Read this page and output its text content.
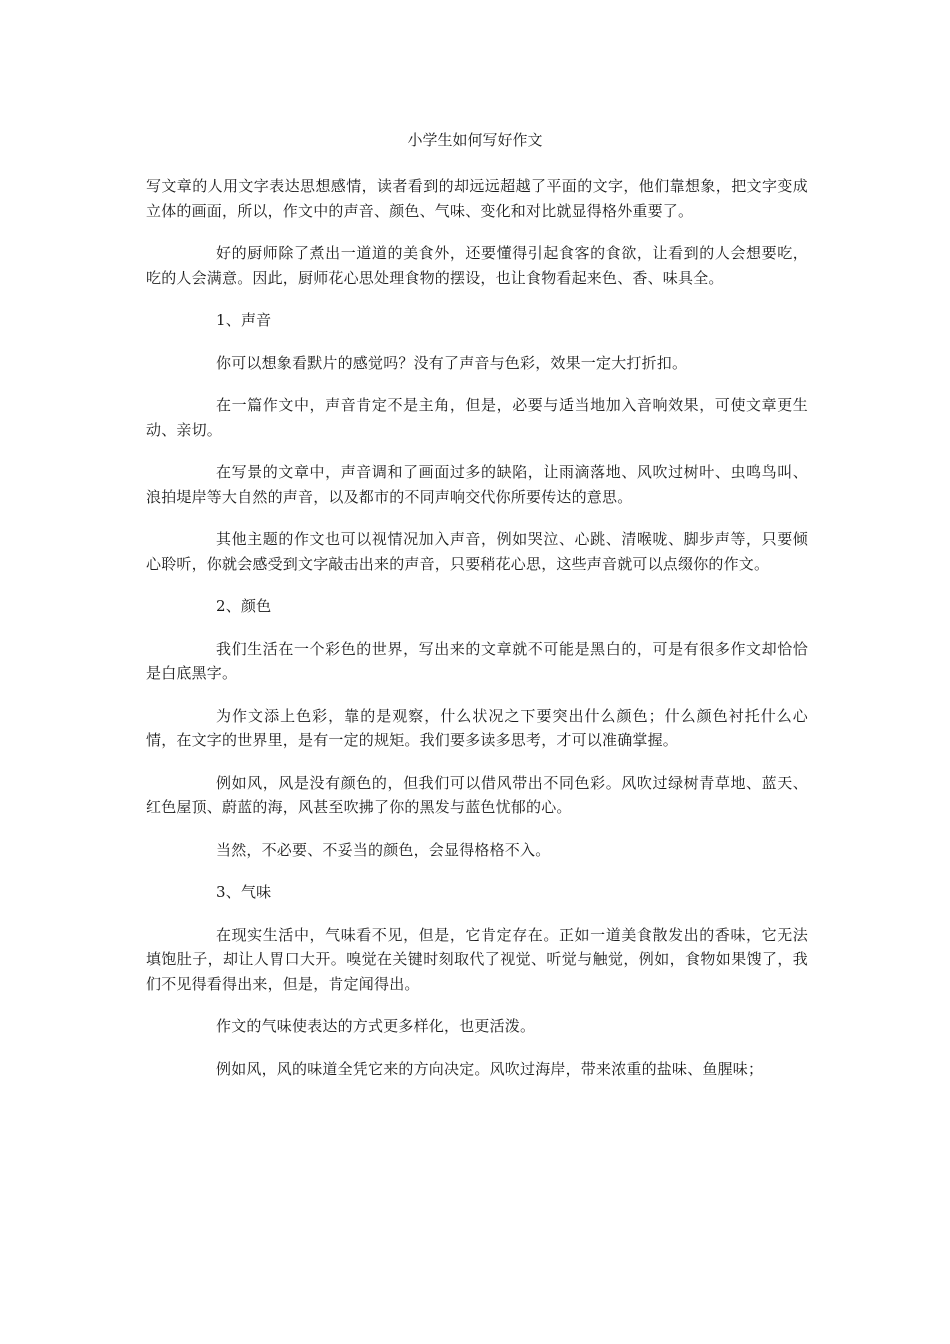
小学生如何写好作文

写文章的人用文字表达思想感情，读者看到的却远远超越了平面的文字，他们靠想象，把文字变成立体的画面，所以，作文中的声音、颜色、气味、变化和对比就显得格外重要了。

好的厨师除了煮出一道道的美食外，还要懂得引起食客的食欲，让看到的人会想要吃，吃的人会满意。因此，厨师花心思处理食物的摆设，也让食物看起来色、香、味具全。

1、声音

你可以想象看默片的感觉吗？没有了声音与色彩，效果一定大打折扣。

在一篇作文中，声音肯定不是主角，但是，必要与适当地加入音响效果，可使文章更生动、亲切。

在写景的文章中，声音调和了画面过多的缺陷，让雨滴落地、风吹过树叶、虫鸣鸟叫、浪拍堤岸等大自然的声音，以及都市的不同声响交代你所要传达的意思。

其他主题的作文也可以视情况加入声音，例如哭泣、心跳、清喉咙、脚步声等，只要倾心聆听，你就会感受到文字敲击出来的声音，只要稍花心思，这些声音就可以点缀你的作文。

2、颜色

我们生活在一个彩色的世界，写出来的文章就不可能是黑白的，可是有很多作文却恰恰是白底黑字。

为作文添上色彩，靠的是观察，什么状况之下要突出什么颜色；什么颜色衬托什么心情，在文字的世界里，是有一定的规矩。我们要多读多思考，才可以准确掌握。

例如风，风是没有颜色的，但我们可以借风带出不同色彩。风吹过绿树青草地、蓝天、红色屋顶、蔚蓝的海，风甚至吹拂了你的黑发与蓝色忧郁的心。

当然，不必要、不妥当的颜色，会显得格格不入。

3、气味

在现实生活中，气味看不见，但是，它肯定存在。正如一道美食散发出的香味，它无法填饱肚子，却让人胃口大开。嗅觉在关键时刻取代了视觉、听觉与触觉，例如，食物如果馊了，我们不见得看得出来，但是，肯定闻得出。

作文的气味使表达的方式更多样化，也更活泼。

例如风，风的味道全凭它来的方向决定。风吹过海岸，带来浓重的盐味、鱼腥味；
